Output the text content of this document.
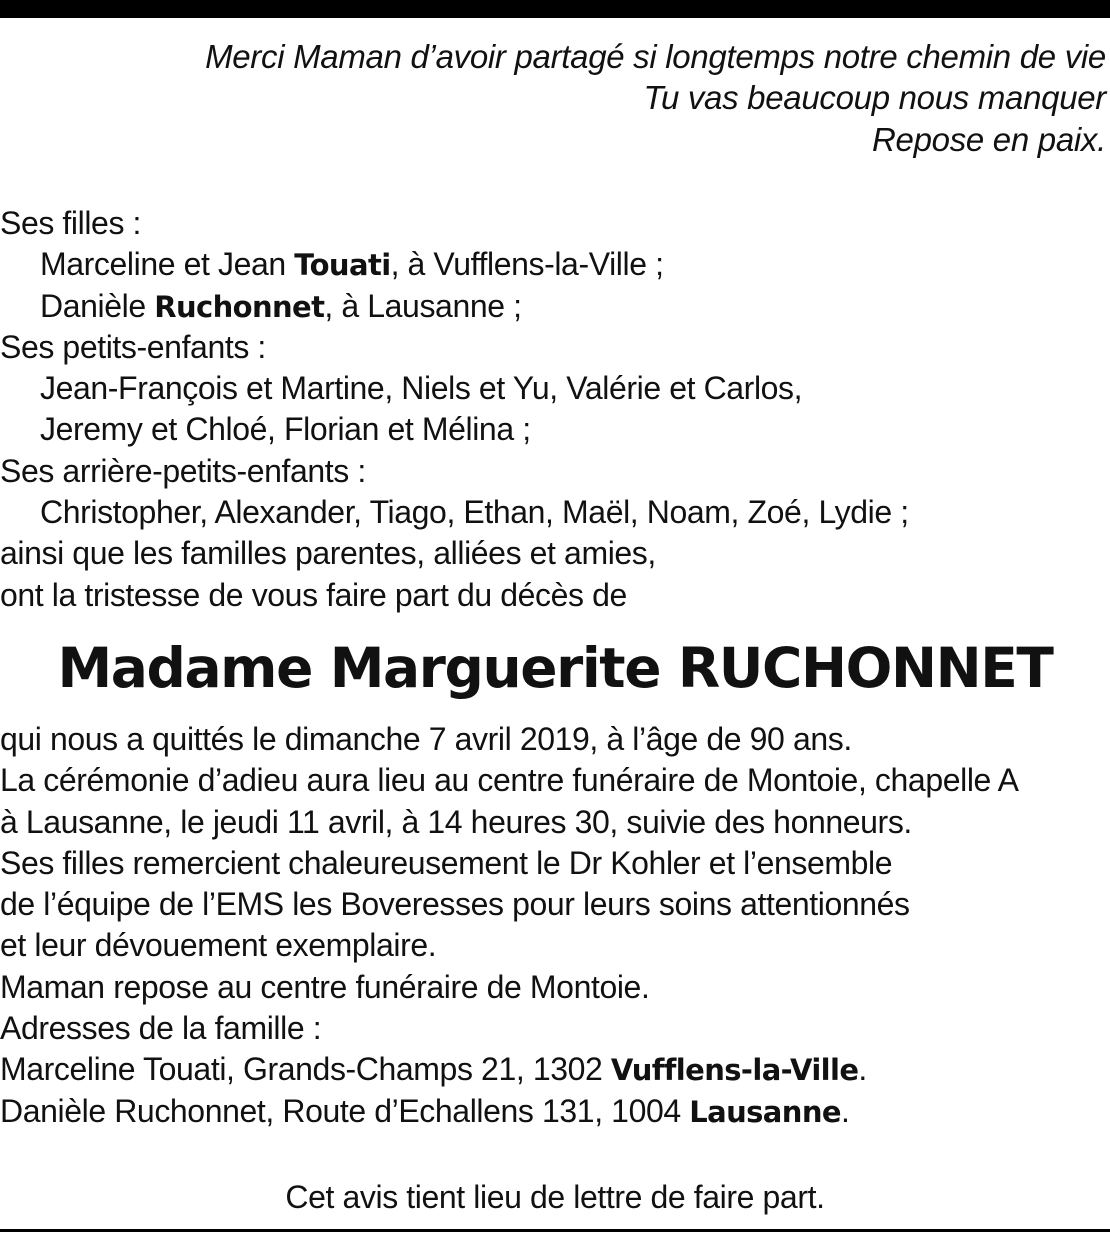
Merci Maman d’avoir partagé si longtemps notre chemin de vie
Tu vas beaucoup nous manquer
Repose en paix.
Ses filles :
Marceline et Jean Touati, à Vufflens-la-Ville ;
Danièle Ruchonnet, à Lausanne ;
Ses petits-enfants :
Jean-François et Martine, Niels et Yu, Valérie et Carlos,
Jeremy et Chloé, Florian et Mélina ;
Ses arrière-petits-enfants :
Christopher, Alexander, Tiago, Ethan, Maël, Noam, Zoé, Lydie ;
ainsi que les familles parentes, alliées et amies,
ont la tristesse de vous faire part du décès de
Madame Marguerite RUCHONNET
qui nous a quittés le dimanche 7 avril 2019, à l’âge de 90 ans.
La cérémonie d’adieu aura lieu au centre funéraire de Montoie, chapelle A
à Lausanne, le jeudi 11 avril, à 14 heures 30, suivie des honneurs.
Ses filles remercient chaleureusement le Dr Kohler et l’ensemble
de l’équipe de l’EMS les Boveresses pour leurs soins attentionnés
et leur dévouement exemplaire.
Maman repose au centre funéraire de Montoie.
Adresses de la famille :
Marceline Touati, Grands-Champs 21, 1302 Vufflens-la-Ville.
Danièle Ruchonnet, Route d’Echallens 131, 1004 Lausanne.
Cet avis tient lieu de lettre de faire part.
